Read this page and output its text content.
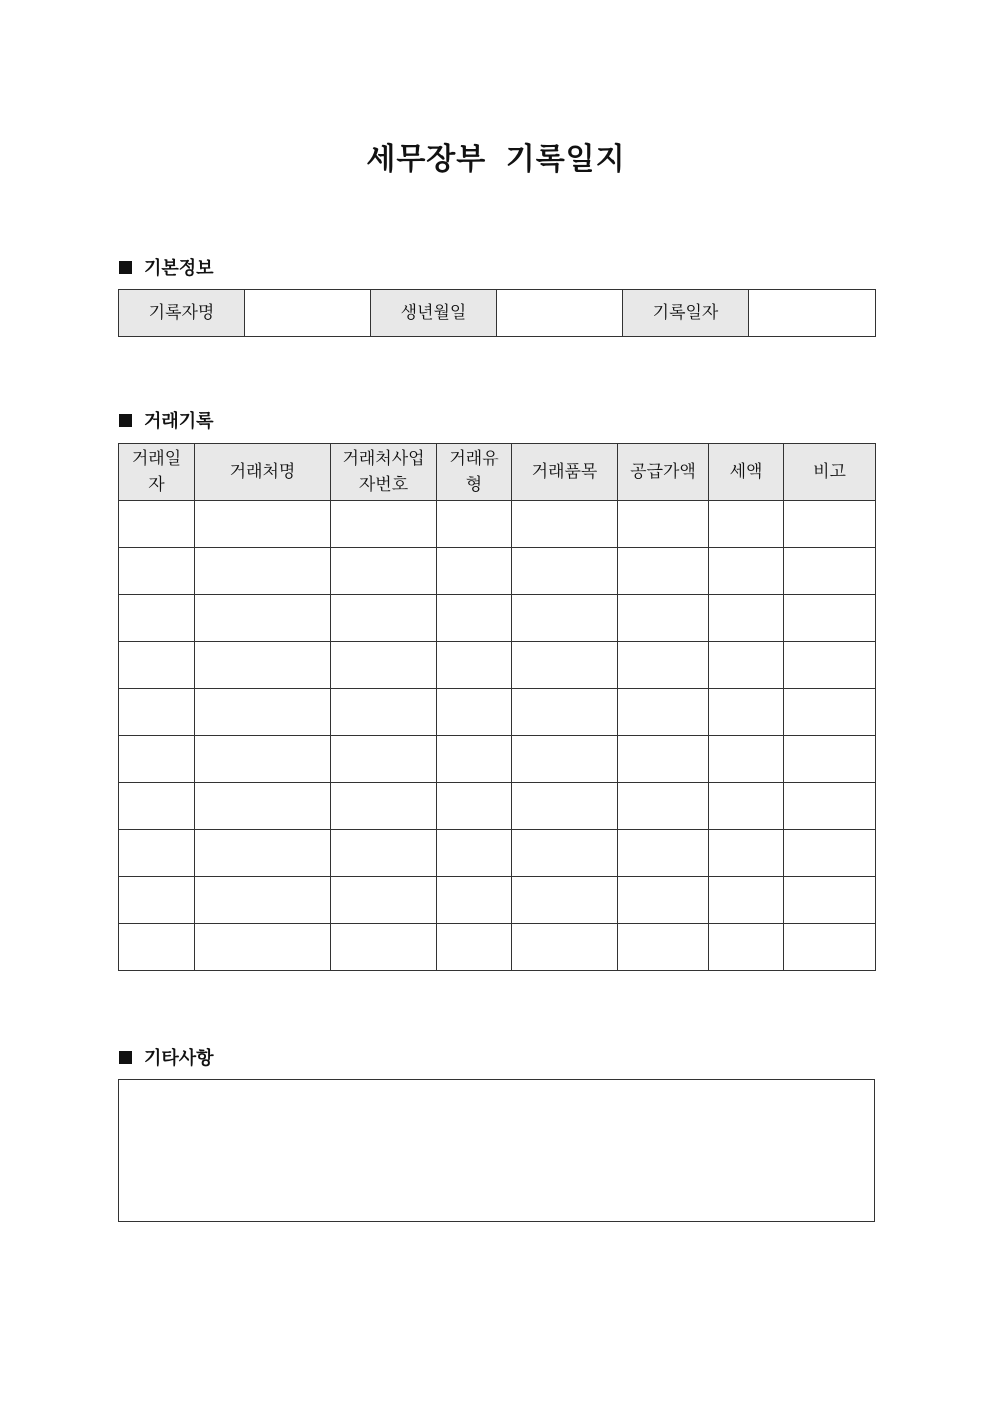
세무장부 기록일지
기본정보
기록자명		생년월일		기록일자	
거래기록
거래일자	거래처명	거래처사업자번호	거래유형	거래품목	공급가액	세액	비고

기타사항
